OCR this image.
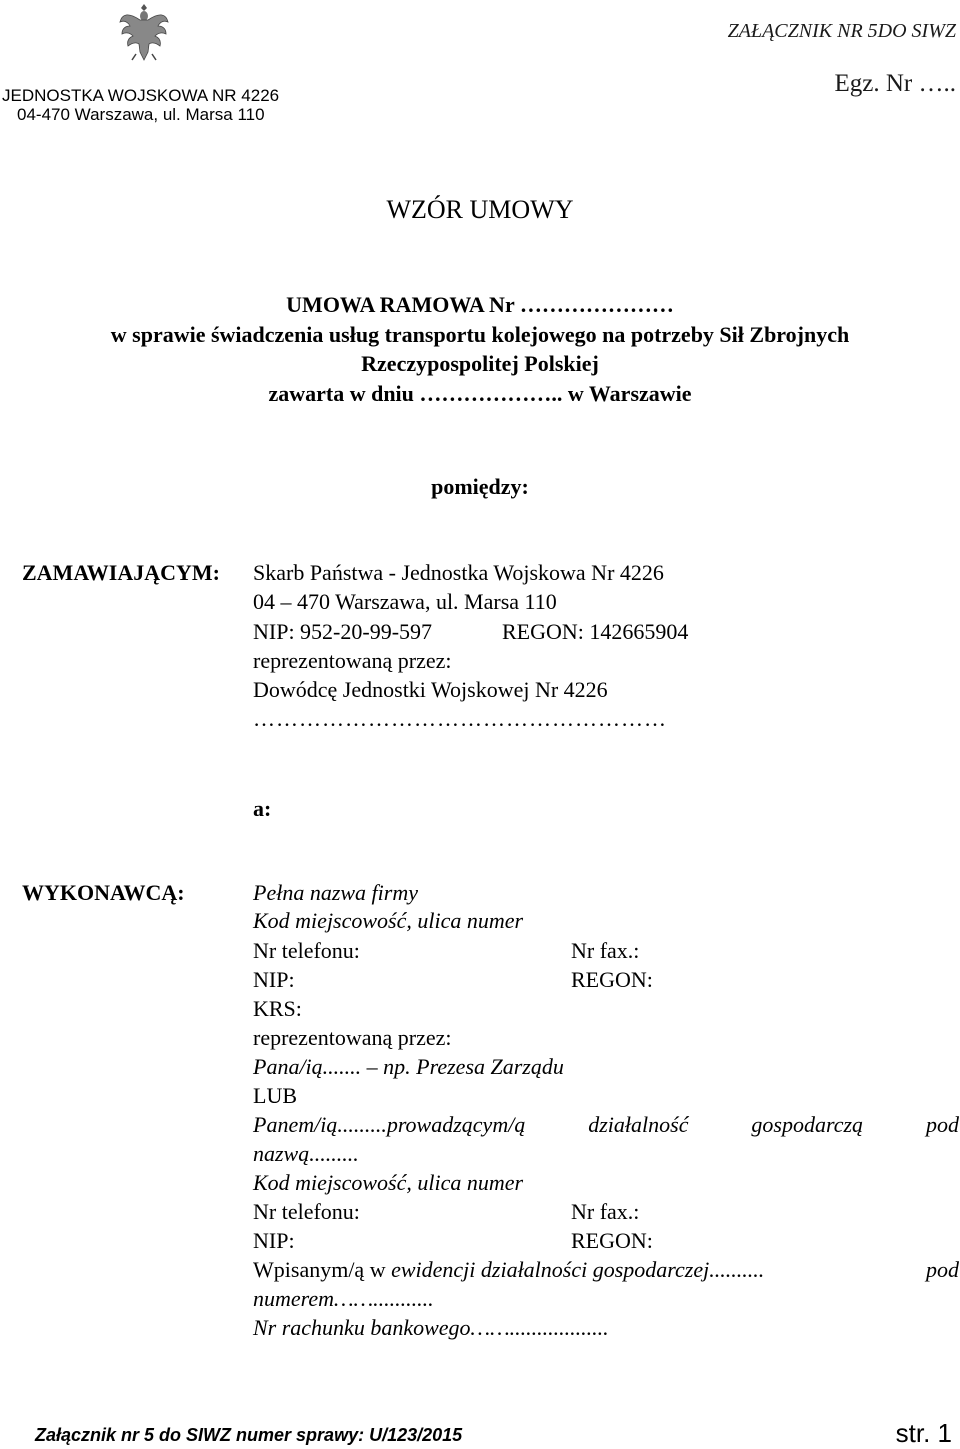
ZAŁĄCZNIK NR 5DO SIWZ
Egz. Nr …..
JEDNOSTKA WOJSKOWA NR 4226
04-470 Warszawa, ul. Marsa 110
WZÓR UMOWY
UMOWA RAMOWA Nr …………………
w sprawie świadczenia usług transportu kolejowego na potrzeby Sił Zbrojnych
Rzeczypospolitej Polskiej
zawarta w dniu ……………….. w Warszawie
pomiędzy:
ZAMAWIAJĄCYM: Skarb Państwa - Jednostka Wojskowa Nr 4226
04 – 470 Warszawa, ul. Marsa 110
NIP: 952-20-99-597	REGON: 142665904
reprezentowaną przez:
Dowódcę Jednostki Wojskowej Nr 4226
………………………………………………
a:
WYKONAWCĄ:	Pełna nazwa firmy
Kod miejscowość, ulica numer
Nr telefonu:	Nr fax.:
NIP:	REGON:
KRS:
reprezentowaną przez:
Pana/ią....... – np. Prezesa Zarządu
LUB
Panem/ią.........prowadzącym/ą	działalność	gospodarczą	pod
nazwą.........
Kod miejscowość, ulica numer
Nr telefonu:	Nr fax.:
NIP:	REGON:
Wpisanym/ą w ewidencji działalności gospodarczej..........	pod
numerem……...........
Nr rachunku bankowego……..................
Załącznik nr 5 do SIWZ numer sprawy: U/123/2015	str. 1
